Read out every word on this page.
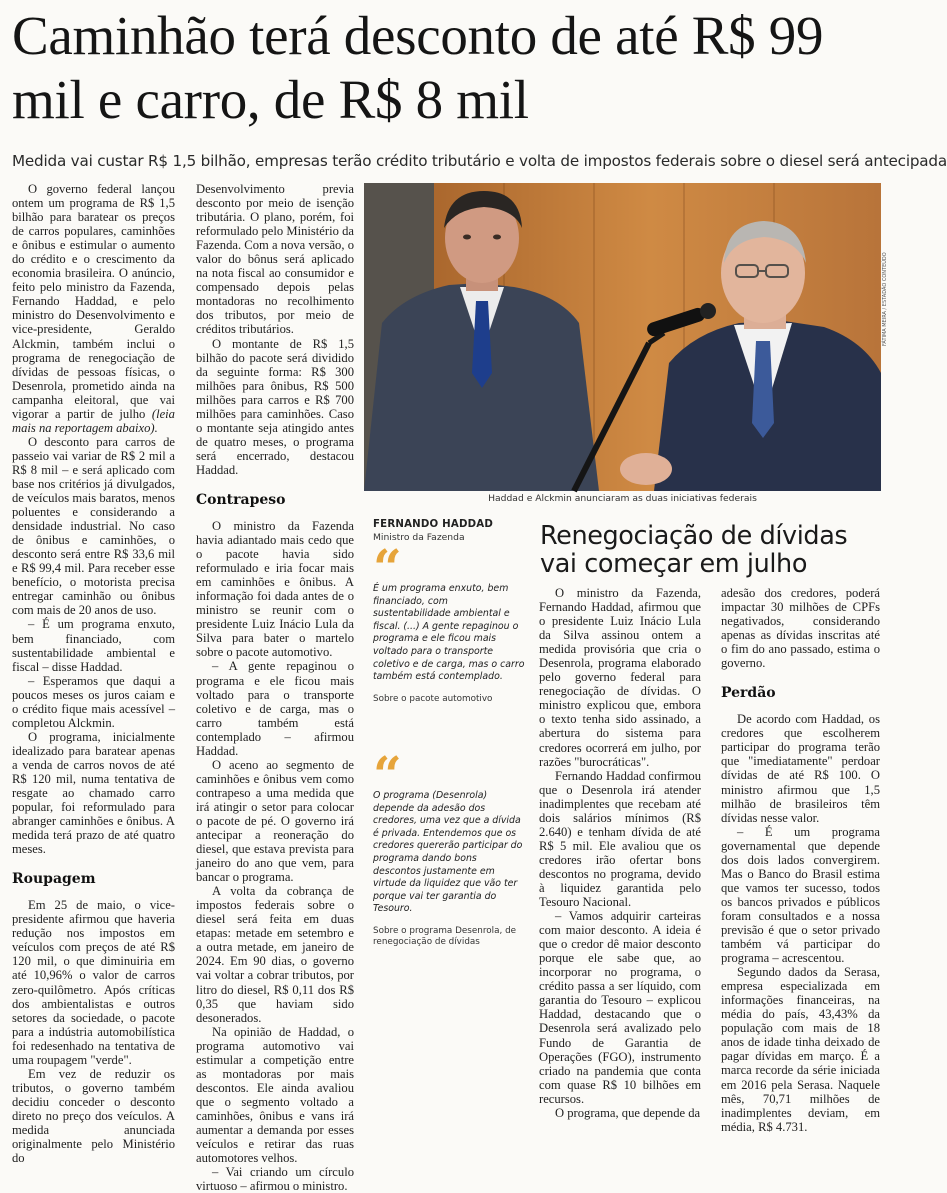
Caminhão terá desconto de até R$ 99 mil e carro, de R$ 8 mil

Medida vai custar R$ 1,5 bilhão, empresas terão crédito tributário e volta de impostos federais sobre o diesel será antecipada

O governo federal lançou ontem um programa de R$ 1,5 bilhão para baratear os preços de carros populares, caminhões e ônibus e estimular o aumento do crédito e o crescimento da economia brasileira. O anúncio, feito pelo ministro da Fazenda, Fernando Haddad, e pelo ministro do Desenvolvimento e vice-presidente, Geraldo Alckmin, também inclui o programa de renegociação de dívidas de pessoas físicas, o Desenrola, prometido ainda na campanha eleitoral, que vai vigorar a partir de julho (leia mais na reportagem abaixo).

O desconto para carros de passeio vai variar de R$ 2 mil a R$ 8 mil – e será aplicado com base nos critérios já divulgados, de veículos mais baratos, menos poluentes e considerando a densidade industrial. No caso de ônibus e caminhões, o desconto será entre R$ 33,6 mil e R$ 99,4 mil. Para receber esse benefício, o motorista precisa entregar caminhão ou ônibus com mais de 20 anos de uso.

– É um programa enxuto, bem financiado, com sustentabilidade ambiental e fiscal – disse Haddad.

– Esperamos que daqui a poucos meses os juros caiam e o crédito fique mais acessível – completou Alckmin.

O programa, inicialmente idealizado para baratear apenas a venda de carros novos de até R$ 120 mil, numa tentativa de resgate ao chamado carro popular, foi reformulado para abranger caminhões e ônibus. A medida terá prazo de até quatro meses.

Roupagem

Em 25 de maio, o vice-presidente afirmou que haveria redução nos impostos em veículos com preços de até R$ 120 mil, o que diminuiria em até 10,96% o valor de carros zero-quilômetro. Após críticas dos ambientalistas e outros setores da sociedade, o pacote para a indústria automobilística foi redesenhado na tentativa de uma roupagem "verde".

Em vez de reduzir os tributos, o governo também decidiu conceder o desconto direto no preço dos veículos. A medida anunciada originalmente pelo Ministério do

Desenvolvimento previa desconto por meio de isenção tributária. O plano, porém, foi reformulado pelo Ministério da Fazenda. Com a nova versão, o valor do bônus será aplicado na nota fiscal ao consumidor e compensado depois pelas montadoras no recolhimento dos tributos, por meio de créditos tributários.

O montante de R$ 1,5 bilhão do pacote será dividido da seguinte forma: R$ 300 milhões para ônibus, R$ 500 milhões para carros e R$ 700 milhões para caminhões. Caso o montante seja atingido antes de quatro meses, o programa será encerrado, destacou Haddad.

Contrapeso

O ministro da Fazenda havia adiantado mais cedo que o pacote havia sido reformulado e iria focar mais em caminhões e ônibus. A informação foi dada antes de o ministro se reunir com o presidente Luiz Inácio Lula da Silva para bater o martelo sobre o pacote automotivo.

– A gente repaginou o programa e ele ficou mais voltado para o transporte coletivo e de carga, mas o carro também está contemplado – afirmou Haddad.

O aceno ao segmento de caminhões e ônibus vem como contrapeso a uma medida que irá atingir o setor para colocar o pacote de pé. O governo irá antecipar a reoneração do diesel, que estava prevista para janeiro do ano que vem, para bancar o programa.

A volta da cobrança de impostos federais sobre o diesel será feita em duas etapas: metade em setembro e a outra metade, em janeiro de 2024. Em 90 dias, o governo vai voltar a cobrar tributos, por litro do diesel, R$ 0,11 dos R$ 0,35 que haviam sido desonerados.

Na opinião de Haddad, o programa automotivo vai estimular a competição entre as montadoras por mais descontos. Ele ainda avaliou que o segmento voltado a caminhões, ônibus e vans irá aumentar a demanda por esses veículos e retirar das ruas automotores velhos.

– Vai criando um círculo virtuoso – afirmou o ministro.

FÁTIMA MEIRA / ESTADÃO CONTEÚDO
Haddad e Alckmin anunciaram as duas iniciativas federais

FERNANDO HADDAD

Ministro da Fazenda

“

É um programa enxuto, bem financiado, com sustentabilidade ambiental e fiscal. (...) A gente repaginou o programa e ele ficou mais voltado para o transporte coletivo e de carga, mas o carro também está contemplado.

Sobre o pacote automotivo

“

O programa (Desenrola) depende da adesão dos credores, uma vez que a dívida é privada. Entendemos que os credores quererão participar do programa dando bons descontos justamente em virtude da liquidez que vão ter porque vai ter garantia do Tesouro.

Sobre o programa Desenrola, de renegociação de dívidas

Renegociação de dívidas vai começar em julho

O ministro da Fazenda, Fernando Haddad, afirmou que o presidente Luiz Inácio Lula da Silva assinou ontem a medida provisória que cria o Desenrola, programa elaborado pelo governo federal para renegociação de dívidas. O ministro explicou que, embora o texto tenha sido assinado, a abertura do sistema para credores ocorrerá em julho, por razões "burocráticas".

Fernando Haddad confirmou que o Desenrola irá atender inadimplentes que recebam até dois salários mínimos (R$ 2.640) e tenham dívida de até R$ 5 mil. Ele avaliou que os credores irão ofertar bons descontos no programa, devido à liquidez garantida pelo Tesouro Nacional.

– Vamos adquirir carteiras com maior desconto. A ideia é que o credor dê maior desconto porque ele sabe que, ao incorporar no programa, o crédito passa a ser líquido, com garantia do Tesouro – explicou Haddad, destacando que o Desenrola será avalizado pelo Fundo de Garantia de Operações (FGO), instrumento criado na pandemia que conta com quase R$ 10 bilhões em recursos.

O programa, que depende da

adesão dos credores, poderá impactar 30 milhões de CPFs negativados, considerando apenas as dívidas inscritas até o fim do ano passado, estima o governo.

Perdão

De acordo com Haddad, os credores que escolherem participar do programa terão que "imediatamente" perdoar dívidas de até R$ 100. O ministro afirmou que 1,5 milhão de brasileiros têm dívidas nesse valor.

– É um programa governamental que depende dos dois lados convergirem. Mas o Banco do Brasil estima que vamos ter sucesso, todos os bancos privados e públicos foram consultados e a nossa previsão é que o setor privado também vá participar do programa – acrescentou.

Segundo dados da Serasa, empresa especializada em informações financeiras, na média do país, 43,43% da população com mais de 18 anos de idade tinha deixado de pagar dívidas em março. É a marca recorde da série iniciada em 2016 pela Serasa. Naquele mês, 70,71 milhões de inadimplentes deviam, em média, R$ 4.731.
